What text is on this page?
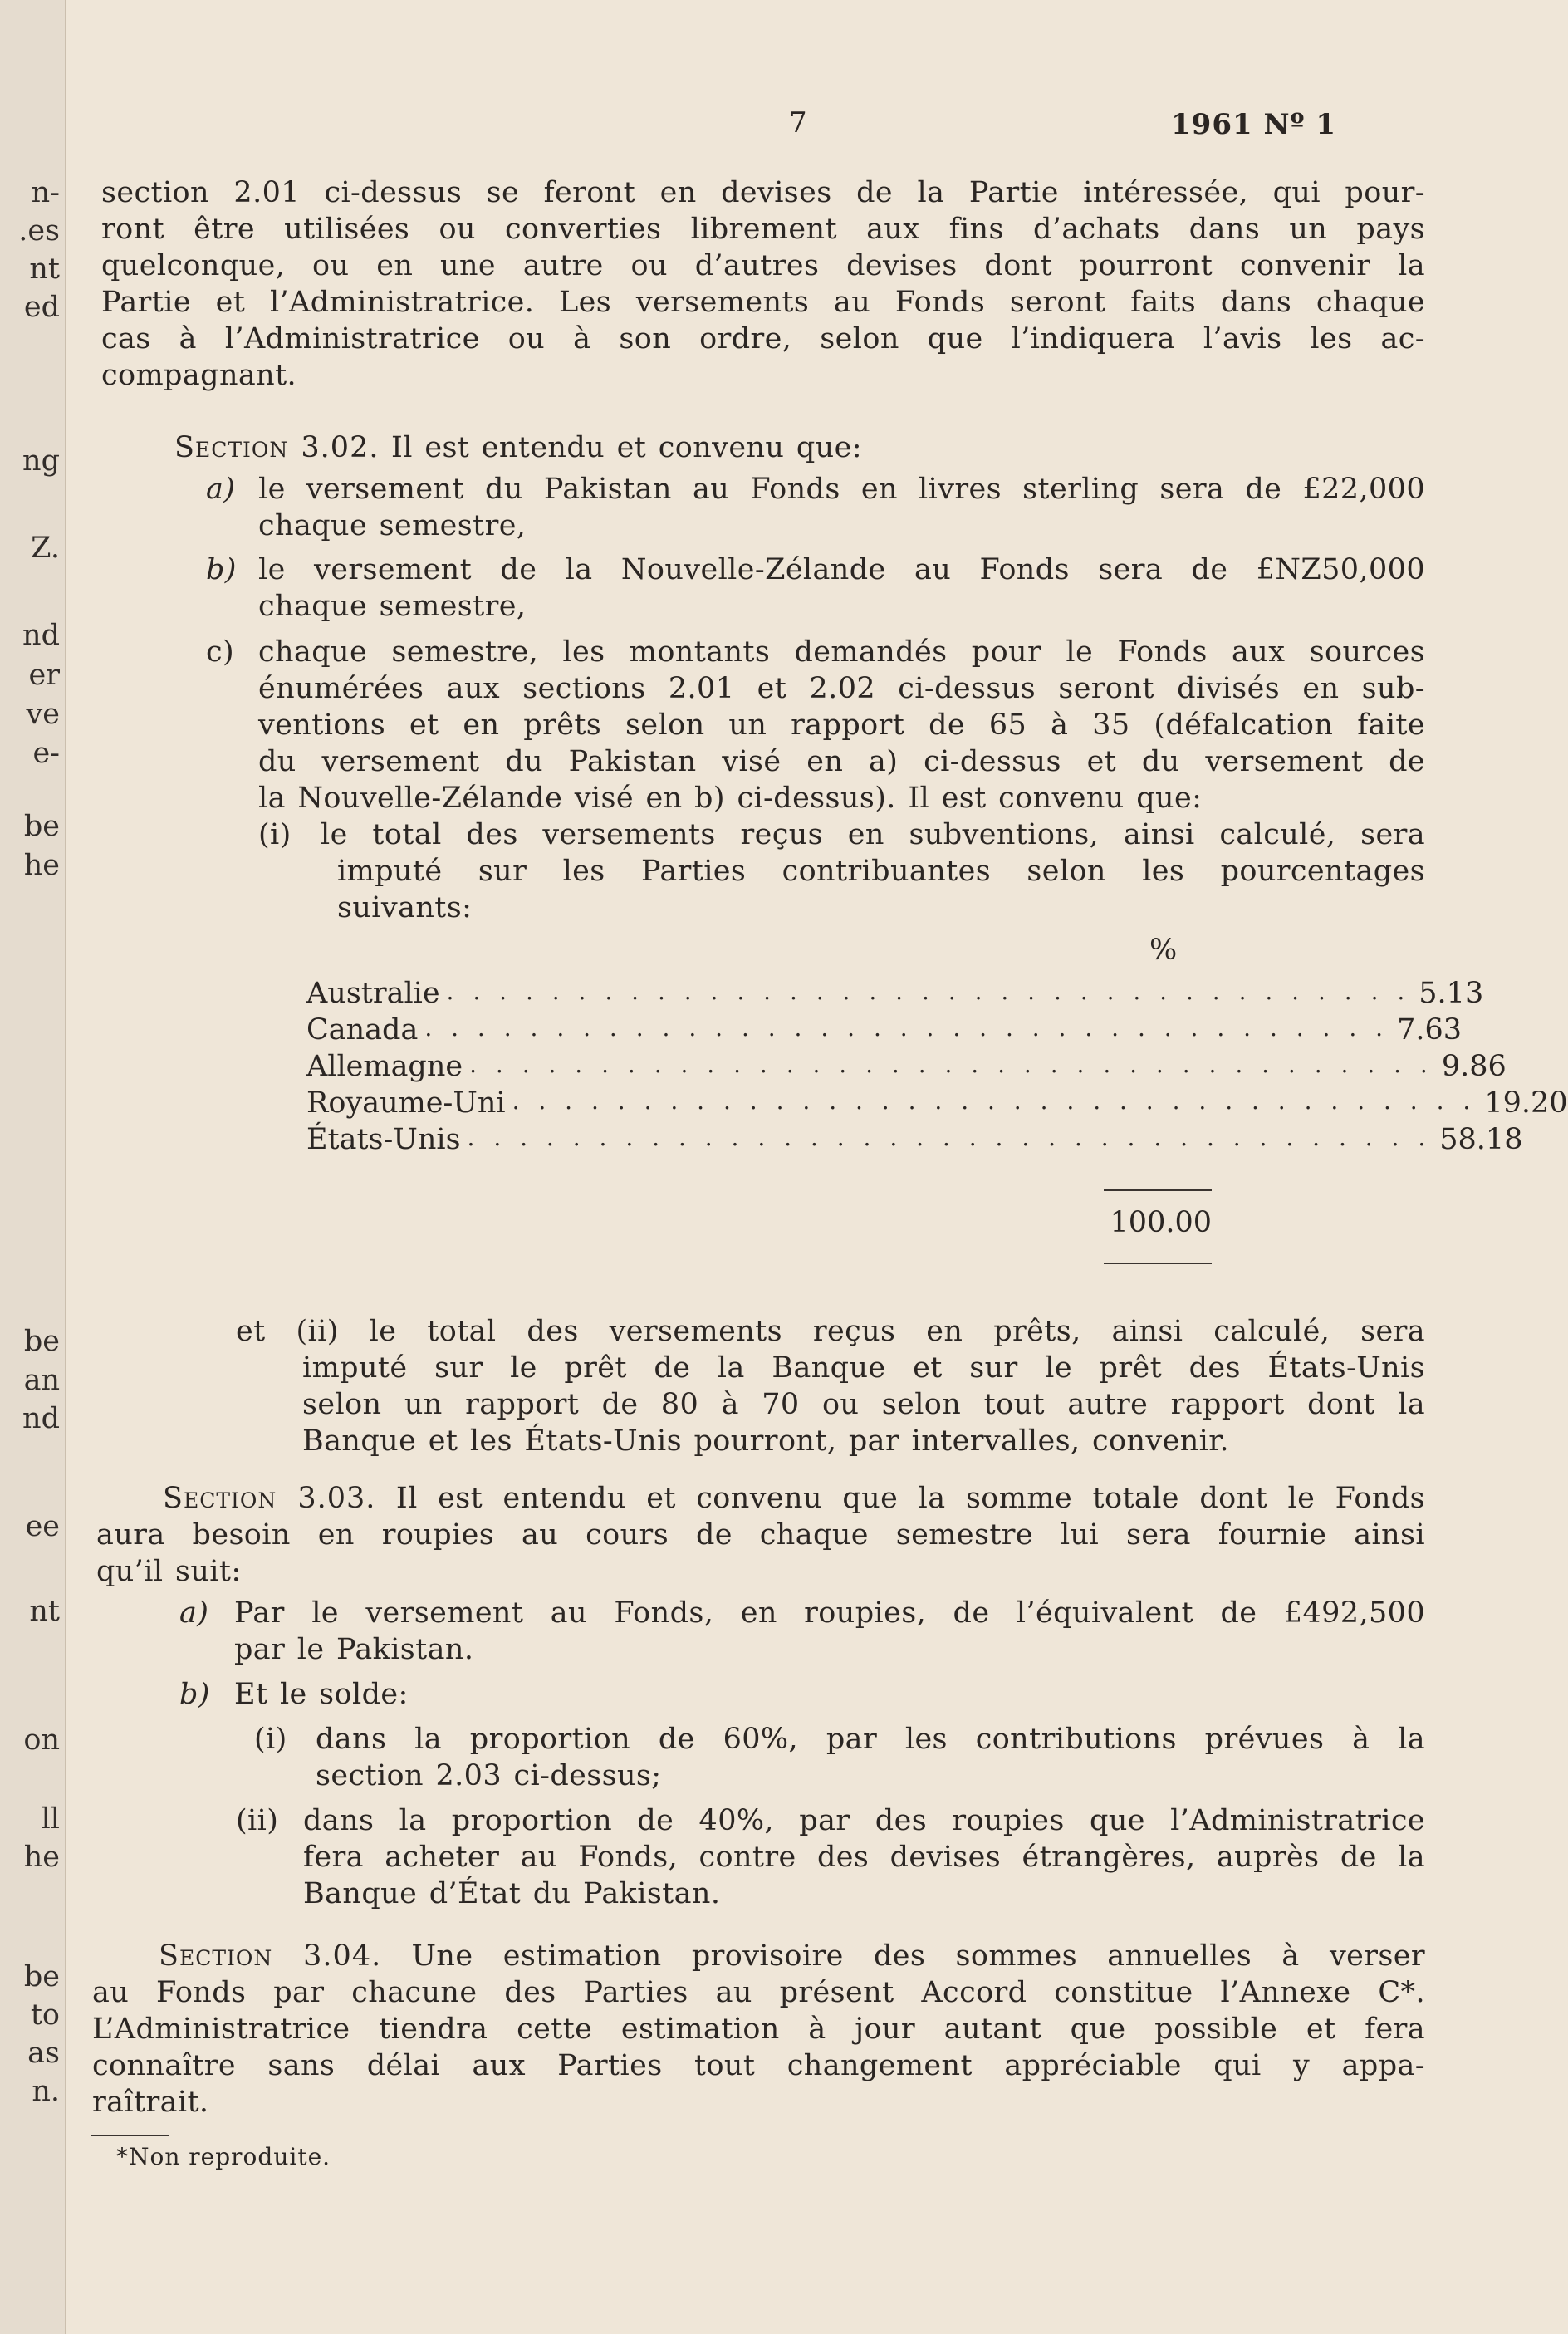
n-
.es
nt
ed
ng
Z.
nd
er
ve
e-
be
he
be
an
nd
ee
nt
on
ll
he
be
to
as
n.
7	1961 Nº 1
section 2.01 ci-dessus se feront en devises de la Partie intéressée, qui pour-
ront être utilisées ou converties librement aux fins d’achats dans un pays
quelconque, ou en une autre ou d’autres devises dont pourront convenir la
Partie et l’Administratrice. Les versements au Fonds seront faits dans chaque
cas à l’Administratrice ou à son ordre, selon que l’indiquera l’avis les ac-
compagnant.
Section 3.02. Il est entendu et convenu que:
a) le versement du Pakistan au Fonds en livres sterling sera de £22,000
chaque semestre,
b) le versement de la Nouvelle-Zélande au Fonds sera de £NZ50,000
chaque semestre,
c) chaque semestre, les montants demandés pour le Fonds aux sources
énumérées aux sections 2.01 et 2.02 ci-dessus seront divisés en sub-
ventions et en prêts selon un rapport de 65 à 35 (défalcation faite
du versement du Pakistan visé en a) ci-dessus et du versement de
la Nouvelle-Zélande visé en b) ci-dessus). Il est convenu que:
(i) le total des versements reçus en subventions, ainsi calculé, sera
imputé sur les Parties contribuantes selon les pourcentages
suivants:
%
Australie . . . . . . . . . . . . . . . . . . . . . . . . . . . . . . . . . . . . . 5.13
Canada . . . . . . . . . . . . . . . . . . . . . . . . . . . . . . . . . . . . . 7.63
Allemagne . . . . . . . . . . . . . . . . . . . . . . . . . . . . . . . . . . . . . 9.86
Royaume-Uni . . . . . . . . . . . . . . . . . . . . . . . . . . . . . . . . . . . . . 19.20
États-Unis . . . . . . . . . . . . . . . . . . . . . . . . . . . . . . . . . . . . . 58.18
100.00
et (ii) le total des versements reçus en prêts, ainsi calculé, sera
imputé sur le prêt de la Banque et sur le prêt des États-Unis
selon un rapport de 80 à 70 ou selon tout autre rapport dont la
Banque et les États-Unis pourront, par intervalles, convenir.
Section 3.03. Il est entendu et convenu que la somme totale dont le Fonds
aura besoin en roupies au cours de chaque semestre lui sera fournie ainsi
qu’il suit:
a) Par le versement au Fonds, en roupies, de l’équivalent de £492,500
par le Pakistan.
b) Et le solde:
(i) dans la proportion de 60%, par les contributions prévues à la
section 2.03 ci-dessus;
(ii) dans la proportion de 40%, par des roupies que l’Administratrice
fera acheter au Fonds, contre des devises étrangères, auprès de la
Banque d’État du Pakistan.
Section 3.04. Une estimation provisoire des sommes annuelles à verser
au Fonds par chacune des Parties au présent Accord constitue l’Annexe C*.
L’Administratrice tiendra cette estimation à jour autant que possible et fera
connaître sans délai aux Parties tout changement appréciable qui y appa-
raîtrait.
*Non reproduite.
